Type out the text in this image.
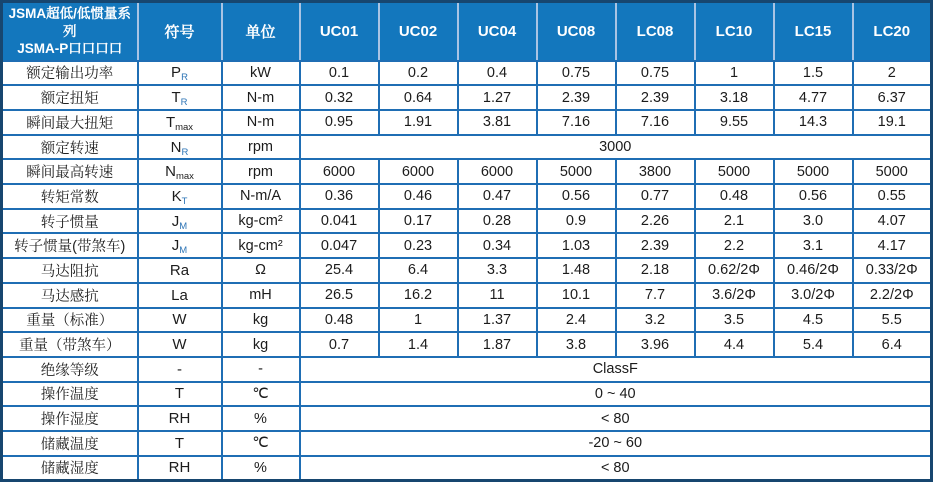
JSMA超低/低惯量系列
JSMA-P口口口口	符号	单位	UC01	UC02	UC04	UC08	LC08	LC10	LC15	LC20
额定输出功率	$P_R$	kW	0.1	0.2	0.4	0.75	0.75	1	1.5	2
额定扭矩	$T_R$	N-m	0.32	0.64	1.27	2.39	2.39	3.18	4.77	6.37
瞬间最大扭矩	$T_{max}$	N-m	0.95	1.91	3.81	7.16	7.16	9.55	14.3	19.1
额定转速	$N_R$	rpm	3000							
瞬间最高转速	$N_{max}$	rpm	6000	6000	6000	5000	3800	5000	5000	5000
转矩常数	$K_T$	N-m/A	0.36	0.46	0.47	0.56	0.77	0.48	0.56	0.55
转子惯量	$J_M$	kg-cm²	0.041	0.17	0.28	0.9	2.26	2.1	3.0	4.07
转子惯量(带煞车)	$J_M$	kg-cm²	0.047	0.23	0.34	1.03	2.39	2.2	3.1	4.17
马达阻抗	Ra	Ω	25.4	6.4	3.3	1.48	2.18	0.62/2Φ	0.46/2Φ	0.33/2Φ
马达感抗	La	mH	26.5	16.2	11	10.1	7.7	3.6/2Φ	3.0/2Φ	2.2/2Φ
重量（标准）	W	kg	0.48	1	1.37	2.4	3.2	3.5	4.5	5.5
重量（带煞车）	W	kg	0.7	1.4	1.87	3.8	3.96	4.4	5.4	6.4
绝缘等级	-	-	ClassF							
操作温度	T	℃	0 ~ 40							
操作湿度	RH	%	< 80							
储藏温度	T	℃	-20 ~ 60							
储藏湿度	RH	%	< 80							
